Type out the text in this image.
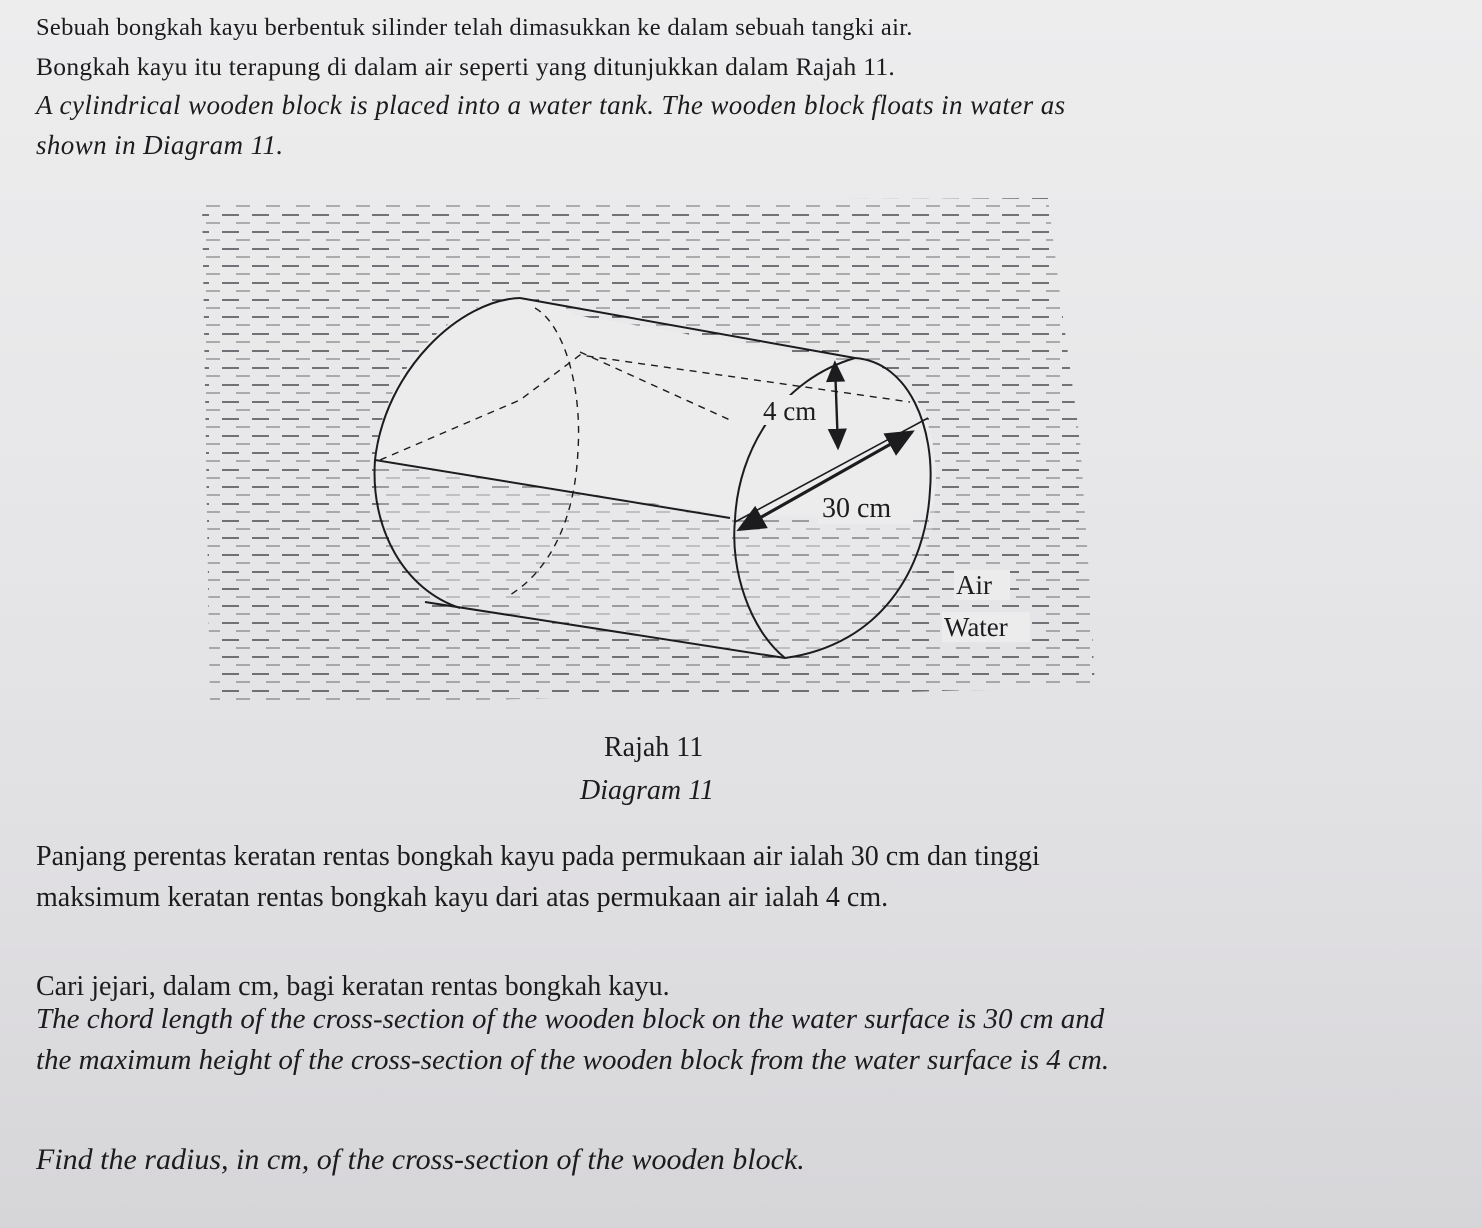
Sebuah bongkah kayu berbentuk silinder telah dimasukkan ke dalam sebuah tangki air.
Bongkah kayu itu terapung di dalam air seperti yang ditunjukkan dalam Rajah 11.
A cylindrical wooden block is placed into a water tank. The wooden block floats in water as
shown in Diagram 11.
4 cm
30 cm
Air
Water
Rajah 11
Diagram 11
Panjang perentas keratan rentas bongkah kayu pada permukaan air ialah 30 cm dan tinggi
maksimum keratan rentas bongkah kayu dari atas permukaan air ialah 4 cm.
Cari jejari, dalam cm, bagi keratan rentas bongkah kayu.
The chord length of the cross-section of the wooden block on the water surface is 30 cm and
the maximum height of the cross-section of the wooden block from the water surface is 4 cm.
Find the radius, in cm, of the cross-section of the wooden block.
